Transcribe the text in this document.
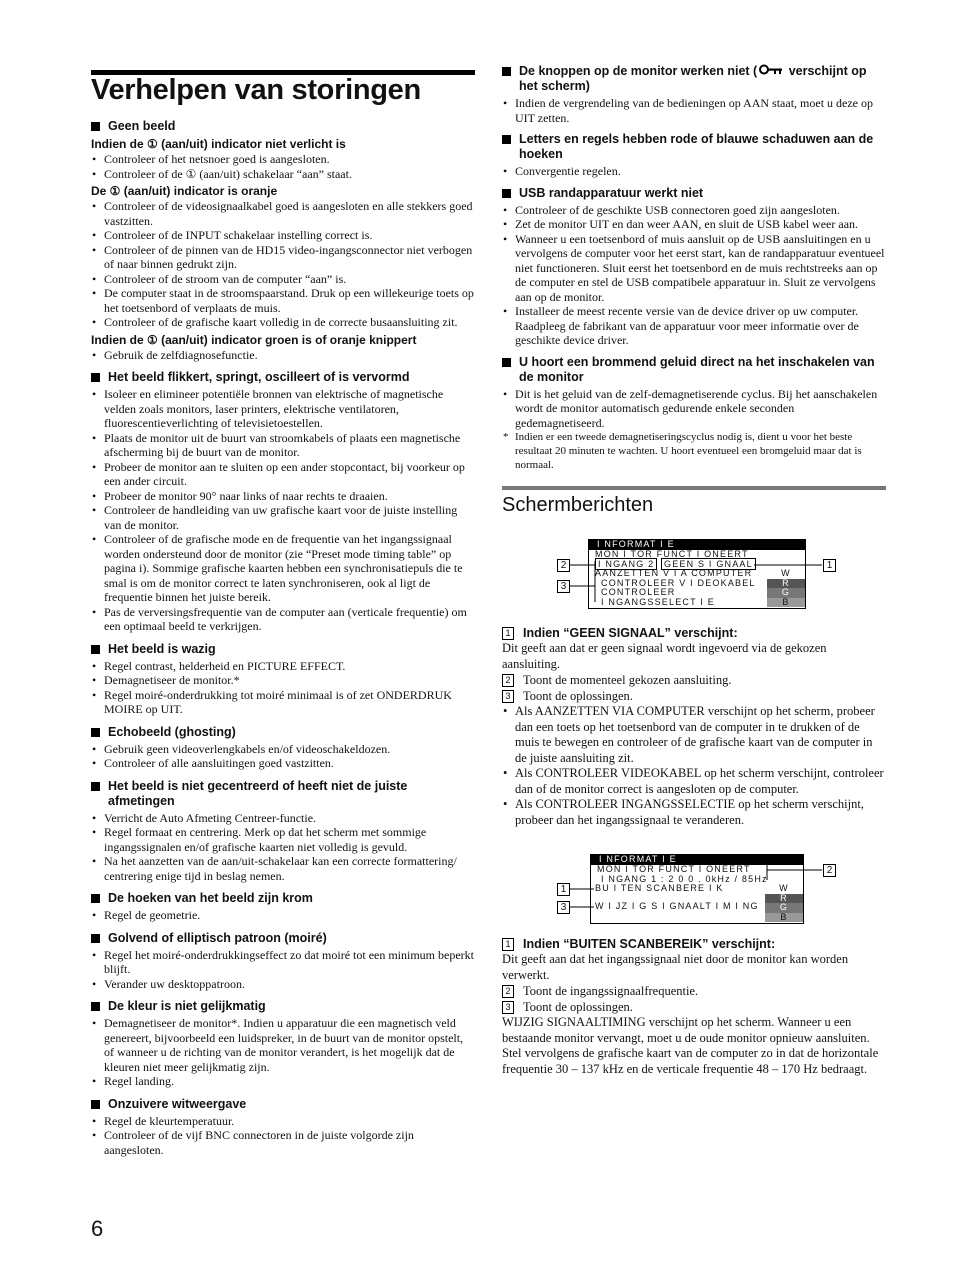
Verhelpen van storingen
Geen beeld
Indien de ① (aan/uit) indicator niet verlicht is
• Controleer of het netsnoer goed is aangesloten.
• Controleer of de ① (aan/uit) schakelaar “aan” staat.
De ① (aan/uit) indicator is oranje
• Controleer of de videosignaalkabel goed is aangesloten en alle stekkers goed vastzitten.
• Controleer of de INPUT schakelaar instelling correct is.
• Controleer of de pinnen van de HD15 video-ingangsconnector niet verbogen of naar binnen gedrukt zijn.
• Controleer of de stroom van de computer “aan” is.
• De computer staat in de stroomspaarstand. Druk op een willekeurige toets op het toetsenbord of verplaats de muis.
• Controleer of de grafische kaart volledig in de correcte busaansluiting zit.
Indien de ① (aan/uit) indicator groen is of oranje knippert
• Gebruik de zelfdiagnosefunctie.
Het beeld flikkert, springt, oscilleert of is vervormd
• Isoleer en elimineer potentiële bronnen van elektrische of magnetische velden zoals monitors, laser printers, elektrische ventilatoren, fluorescentieverlichting of televisietoestellen.
• Plaats de monitor uit de buurt van stroomkabels of plaats een magnetische afscherming bij de buurt van de monitor.
• Probeer de monitor aan te sluiten op een ander stopcontact, bij voorkeur op een ander circuit.
• Probeer de monitor 90° naar links of naar rechts te draaien.
• Controleer de handleiding van uw grafische kaart voor de juiste instelling van de monitor.
• Controleer of de grafische mode en de frequentie van het ingangssignaal worden ondersteund door de monitor (zie “Preset mode timing table” op pagina i). Sommige grafische kaarten hebben een synchronisatiepuls die te smal is om de monitor correct te laten synchroniseren, ook al ligt de frequentie binnen het juiste bereik.
• Pas de verversingsfrequentie van de computer aan (verticale frequentie) om een optimaal beeld te verkrijgen.
Het beeld is wazig
• Regel contrast, helderheid en PICTURE EFFECT.
• Demagnetiseer de monitor.*
• Regel moiré-onderdrukking tot moiré minimaal is of zet ONDERDRUK MOIRE op UIT.
Echobeeld (ghosting)
• Gebruik geen videoverlengkabels en/of videoschakeldozen.
• Controleer of alle aansluitingen goed vastzitten.
Het beeld is niet gecentreerd of heeft niet de juiste afmetingen
• Verricht de Auto Afmeting Centreer-functie.
• Regel formaat en centrering. Merk op dat het scherm met sommige ingangssignalen en/of grafische kaarten niet volledig is gevuld.
• Na het aanzetten van de aan/uit-schakelaar kan een correcte formattering/ centrering enige tijd in beslag nemen.
De hoeken van het beeld zijn krom
• Regel de geometrie.
Golvend of elliptisch patroon (moiré)
• Regel het moiré-onderdrukkingseffect zo dat moiré tot een minimum beperkt blijft.
• Verander uw desktoppatroon.
De kleur is niet gelijkmatig
• Demagnetiseer de monitor*. Indien u apparatuur die een magnetisch veld genereert, bijvoorbeeld een luidspreker, in de buurt van de monitor opstelt, of wanneer u de richting van de monitor verandert, is het mogelijk dat de kleuren niet meer gelijkmatig zijn.
• Regel landing.
Onzuivere witweergave
• Regel de kleurtemperatuur.
• Controleer of de vijf BNC connectoren in de juiste volgorde zijn aangesloten.
De knoppen op de monitor werken niet ( verschijnt op het scherm)
• Indien de vergrendeling van de bedieningen op AAN staat, moet u deze op UIT zetten.
Letters en regels hebben rode of blauwe schaduwen aan de hoeken
• Convergentie regelen.
USB randapparatuur werkt niet
• Controleer of de geschikte USB connectoren goed zijn aangesloten.
• Zet de monitor UIT en dan weer AAN, en sluit de USB kabel weer aan.
• Wanneer u een toetsenbord of muis aansluit op de USB aansluitingen en u vervolgens de computer voor het eerst start, kan de randapparatuur eventueel niet functioneren. Sluit eerst het toetsenbord en de muis rechtstreeks aan op de computer en stel de USB compatibele apparatuur in. Sluit ze vervolgens aan op de monitor.
• Installeer de meest recente versie van de device driver op uw computer. Raadpleeg de fabrikant van de apparatuur voor meer informatie over de geschikte device driver.
U hoort een brommend geluid direct na het inschakelen van de monitor
• Dit is het geluid van de zelf-demagnetiserende cyclus. Bij het aanschakelen wordt de monitor automatisch gedurende enkele seconden gedemagnetiseerd.
* Indien er een tweede demagnetiseringscyclus nodig is, dient u voor het beste resultaat 20 minuten te wachten. U hoort eventueel een bromgeluid maar dat is normaal.
Schermberichten
I NFORMAT I E
MON I TOR FUNCT I ONEERT
I NGANG 2 GEEN S I GNAAL
AANZETTEN V I A COMPUTER
CONTROLEER V I DEOKABEL
CONTROLEER
I NGANGSSELECT I E
W
R
G
B
2
3
1
1 Indien “GEEN SIGNAAL” verschijnt:

Dit geeft aan dat er geen signaal wordt ingevoerd via de gekozen aansluiting.

2 Toont de momenteel gekozen aansluiting.
3 Toont de oplossingen.
• Als AANZETTEN VIA COMPUTER verschijnt op het scherm, probeer dan een toets op het toetsenbord van de computer in te drukken of de muis te bewegen en controleer of de grafische kaart van de computer in de juiste aansluiting zit.
• Als CONTROLEER VIDEOKABEL op het scherm verschijnt, controleer dan of de monitor correct is aangesloten op de computer.
• Als CONTROLEER INGANGSSELECTIE op het scherm verschijnt, probeer dan het ingangssignaal te veranderen.
I NFORMAT I E
MON I TOR FUNCT I ONEERT
I NGANG 1 : 2 0 0 . 0kHz / 85Hz
BU I TEN SCANBERE I K
W I JZ I G S I GNAALT I M I NG
W
R
G
B
1
3
2
1 Indien “BUITEN SCANBEREIK” verschijnt:

Dit geeft aan dat het ingangssignaal niet door de monitor kan worden verwerkt.

2 Toont de ingangssignaalfrequentie.
3 Toont de oplossingen.

WIJZIG SIGNAALTIMING verschijnt op het scherm. Wanneer u een bestaande monitor vervangt, moet u de oude monitor opnieuw aansluiten. Stel vervolgens de grafische kaart van de computer zo in dat de horizontale frequentie 30 – 137 kHz en de verticale frequentie 48 – 170 Hz bedraagt.

6
